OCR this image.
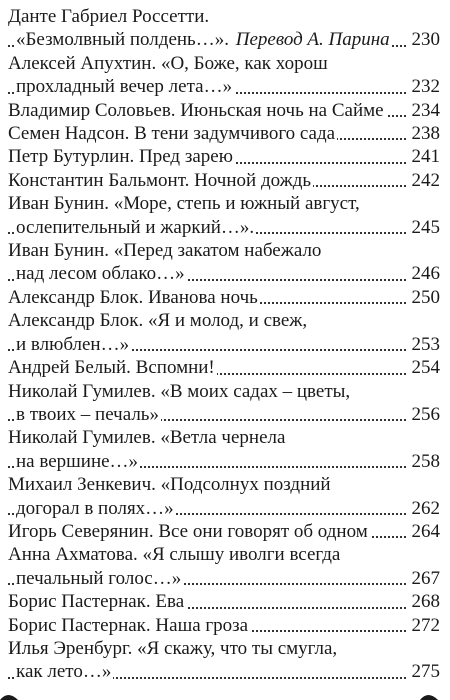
Данте Габриел Россетти.
«Безмолвный полдень…». Перевод А. Парина 230
Алексей Апухтин. «О, Боже, как хорош
прохладный вечер лета…»	232
Владимир Соловьев. Июньская ночь на Сайме 234
Семен Надсон. В тени задумчивого сада	238
Петр Бутурлин. Пред зарею	241
Константин Бальмонт. Ночной дождь	242
Иван Бунин. «Море, степь и южный август,
ослепительный и жаркий…».	245
Иван Бунин. «Перед закатом набежало
над лесом облако…»	246
Александр Блок. Иванова ночь	250
Александр Блок. «Я и молод, и свеж,
и влюблен…»	253
Андрей Белый. Вспомни!	254
Николай Гумилев. «В моих садах – цветы,
в твоих – печаль»	256
Николай Гумилев. «Ветла чернела
на вершине…»	258
Михаил Зенкевич. «Подсолнух поздний
догорал в полях…»	262
Игорь Северянин. Все они говорят об одном 264
Анна Ахматова. «Я слышу иволги всегда
печальный голос…»	267
Борис Пастернак. Ева	268
Борис Пастернак. Наша гроза	272
Илья Эренбург. «Я скажу, что ты смугла,
как лето…»	275
